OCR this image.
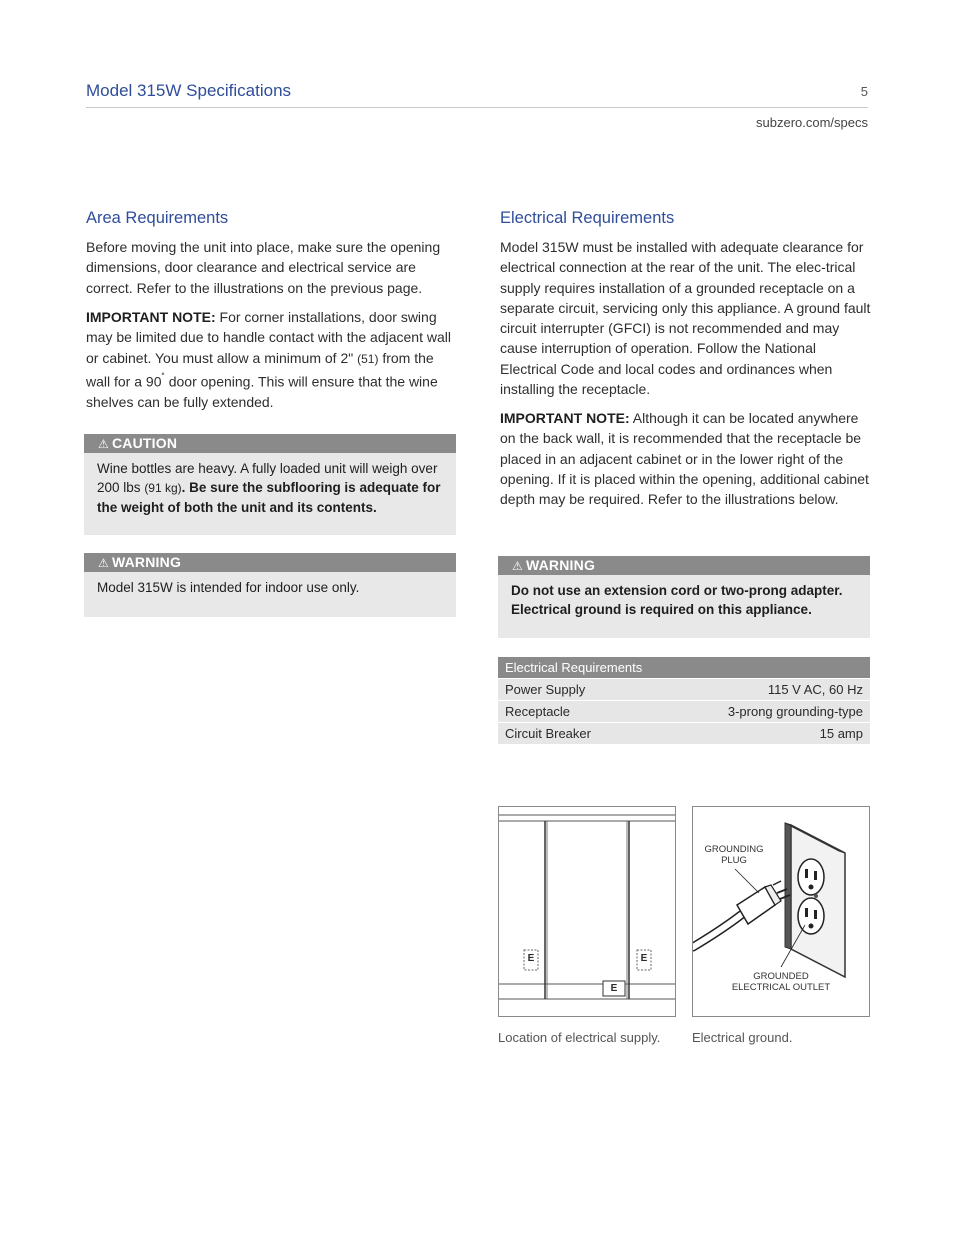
Model 315W Specifications	5
subzero.com/specs
Area Requirements

Before moving the unit into place, make sure the opening dimensions, door clearance and electrical service are correct. Refer to the illustrations on the previous page.

IMPORTANT NOTE: For corner installations, door swing may be limited due to handle contact with the adjacent wall or cabinet. You must allow a minimum of 2" (51) from the wall for a 90˚ door opening. This will ensure that the wine shelves can be fully extended.

⚠ CAUTION
Wine bottles are heavy. A fully loaded unit will weigh over 200 lbs (91 kg). Be sure the subflooring is adequate for the weight of both the unit and its contents.
⚠ WARNING
Model 315W is intended for indoor use only.
Electrical Requirements

Model 315W must be installed with adequate clearance for electrical connection at the rear of the unit. The elec-trical supply requires installation of a grounded receptacle on a separate circuit, servicing only this appliance. A ground fault circuit interrupter (GFCI) is not recommended and may cause interruption of operation. Follow the National Electrical Code and local codes and ordinances when installing the receptacle.

IMPORTANT NOTE: Although it can be located anywhere on the back wall, it is recommended that the receptacle be placed in an adjacent cabinet or in the lower right of the opening. If it is placed within the opening, additional cabinet depth may be required. Refer to the illustrations below.

⚠ WARNING
Do not use an extension cord or two-prong adapter. Electrical ground is required on this appliance.
Electrical Requirements	
Power Supply	115 V AC, 60 Hz
Receptacle	3-prong grounding-type
Circuit Breaker	15 amp
E	E
E
GROUNDING PLUG
GROUNDED ELECTRICAL OUTLET
Location of electrical supply. Electrical ground.
